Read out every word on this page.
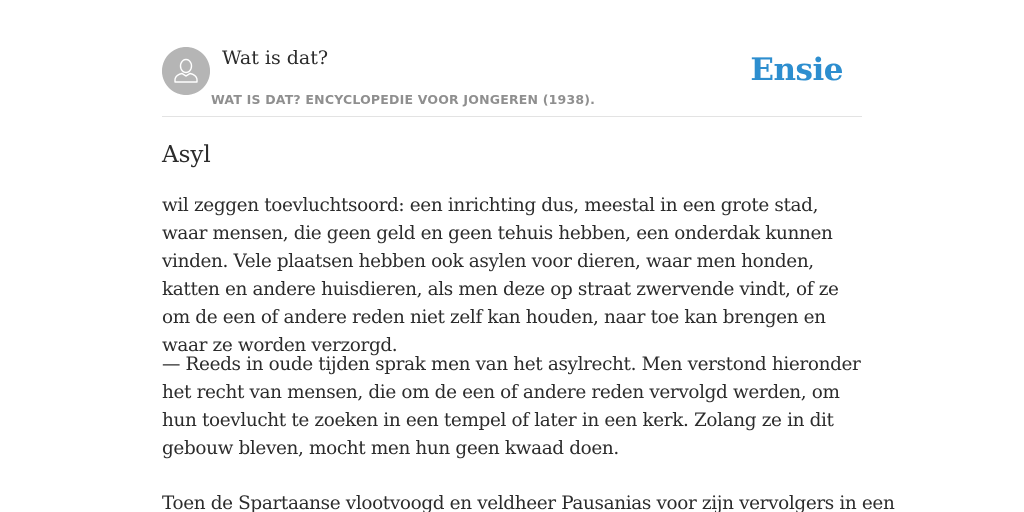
Wat is dat?
WAT IS DAT? ENCYCLOPEDIE VOOR JONGEREN (1938).
Ensie
Asyl

wil zeggen toevluchtsoord: een inrichting dus, meestal in een grote stad, waar mensen, die geen geld en geen tehuis hebben, een onderdak kunnen vinden. Vele plaatsen hebben ook asylen voor dieren, waar men honden, katten en andere huisdieren, als men deze op straat zwervende vindt, of ze om de een of andere reden niet zelf kan houden, naar toe kan brengen en waar ze worden verzorgd.

— Reeds in oude tijden sprak men van het asylrecht. Men verstond hieronder het recht van mensen, die om de een of andere reden vervolgd werden, om hun toevlucht te zoeken in een tempel of later in een kerk. Zolang ze in dit gebouw bleven, mocht men hun geen kwaad doen.

Toen de Spartaanse vlootvoogd en veldheer Pausanias voor zijn vervolgers in een
